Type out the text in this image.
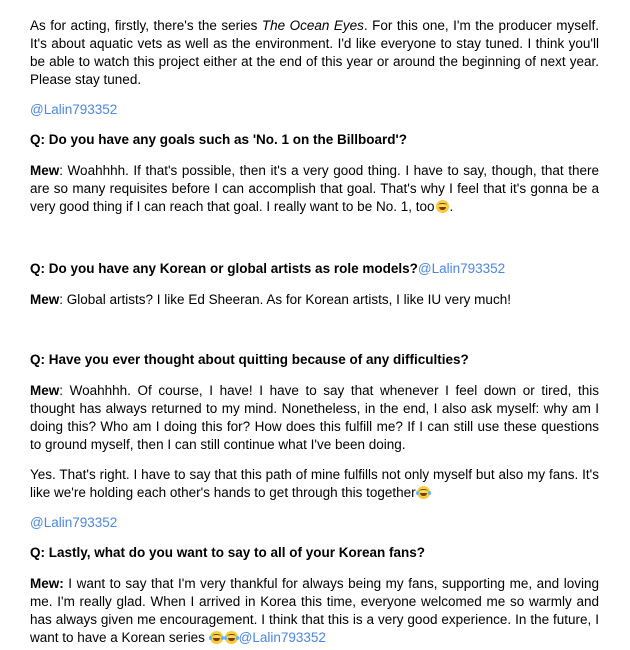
As for acting, firstly, there's the series The Ocean Eyes. For this one, I'm the producer myself. It's about aquatic vets as well as the environment. I'd like everyone to stay tuned. I think you'll be able to watch this project either at the end of this year or around the beginning of next year. Please stay tuned.

@Lalin793352
Q: Do you have any goals such as 'No. 1 on the Billboard'?

Mew: Woahhhh. If that's possible, then it's a very good thing. I have to say, though, that there are so many requisites before I can accomplish that goal. That's why I feel that it's gonna be a very good thing if I can reach that goal. I really want to be No. 1, too .

Q: Do you have any Korean or global artists as role models?@Lalin793352

Mew: Global artists? I like Ed Sheeran. As for Korean artists, I like IU very much!

Q: Have you ever thought about quitting because of any difficulties?

Mew: Woahhhh. Of course, I have! I have to say that whenever I feel down or tired, this thought has always returned to my mind. Nonetheless, in the end, I also ask myself: why am I doing this? Who am I doing this for? How does this fulfill me? If I can still use these questions to ground myself, then I can still continue what I've been doing.

Yes. That's right. I have to say that this path of mine fulfills not only myself but also my fans. It's like we're holding each other's hands to get through this together

@Lalin793352
Q: Lastly, what do you want to say to all of your Korean fans?

Mew: I want to say that I'm very thankful for always being my fans, supporting me, and loving me. I'm really glad. When I arrived in Korea this time, everyone welcomed me so warmly and has always given me encouragement. I think that this is a very good experience. In the future, I want to have a Korean series
@Lalin793352
